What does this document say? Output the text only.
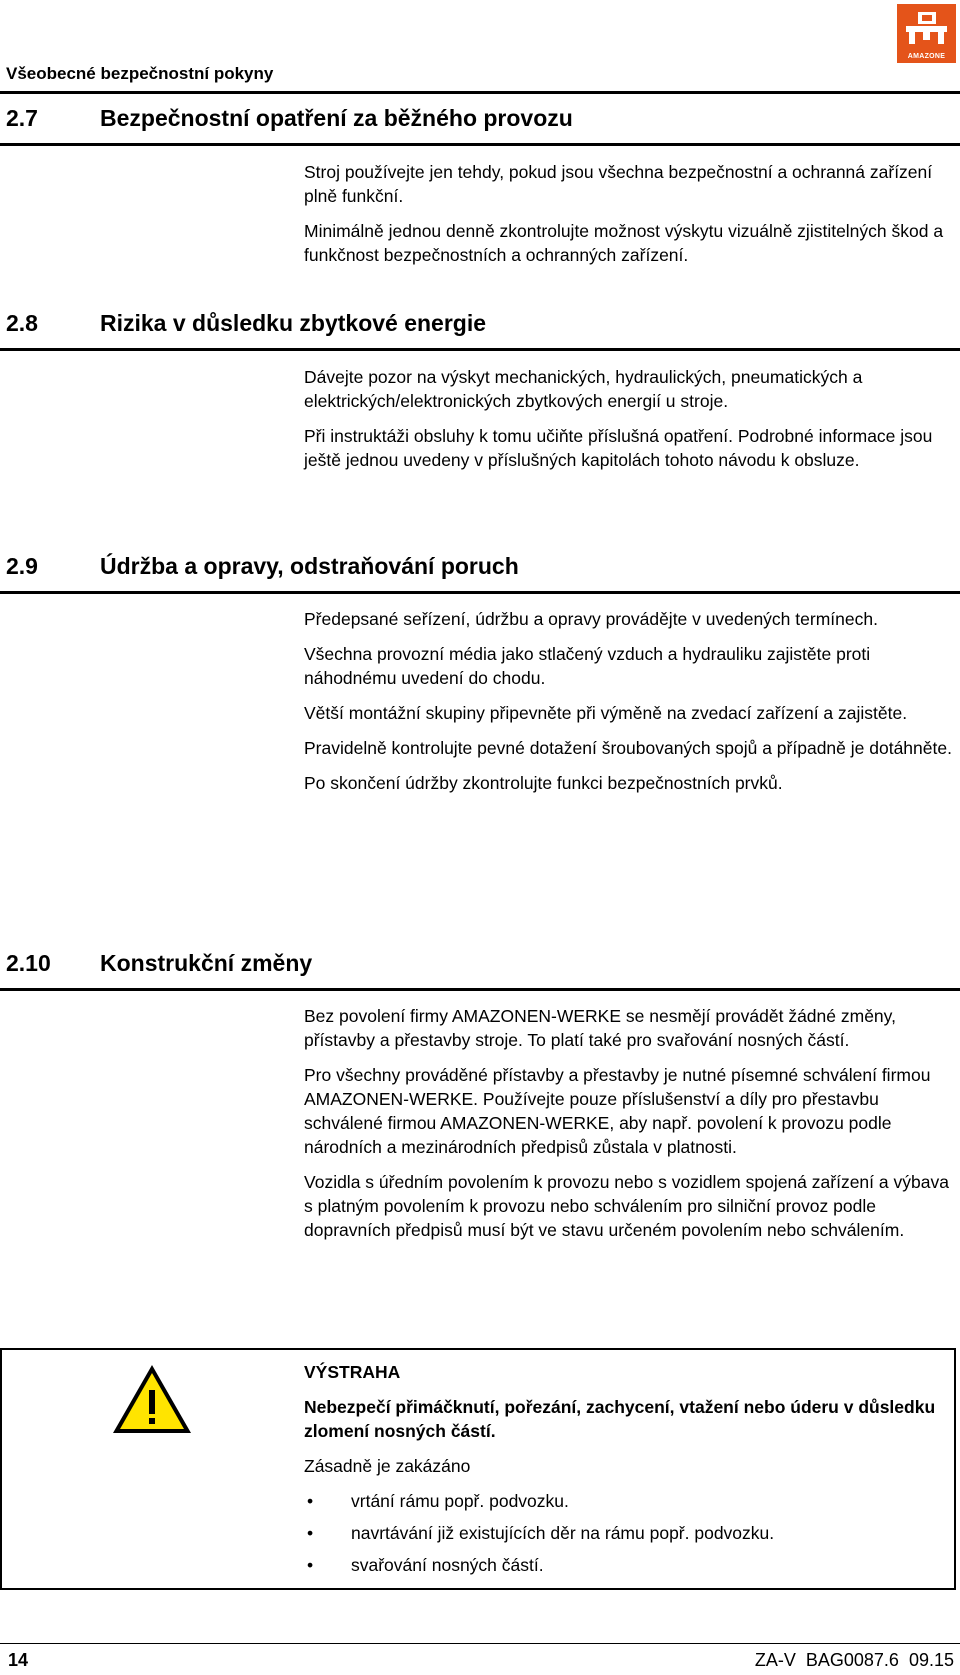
Všeobecné bezpečnostní pokyny
AMAZONE
2.7	Bezpečnostní opatření za běžného provozu

Stroj používejte jen tehdy, pokud jsou všechna bezpečnostní a ochranná zařízení plně funkční.

Minimálně jednou denně zkontrolujte možnost výskytu vizuálně zjistitelných škod a funkčnost bezpečnostních a ochranných zařízení.

2.8	Rizika v důsledku zbytkové energie

Dávejte pozor na výskyt mechanických, hydraulických, pneumatických a elektrických/elektronických zbytkových energií u stroje.

Při instruktáži obsluhy k tomu učiňte příslušná opatření. Podrobné informace jsou ještě jednou uvedeny v příslušných kapitolách tohoto návodu k obsluze.

2.9	Údržba a opravy, odstraňování poruch

Předepsané seřízení, údržbu a opravy provádějte v uvedených termínech.

Všechna provozní média jako stlačený vzduch a hydrauliku zajistěte proti náhodnému uvedení do chodu.

Větší montážní skupiny připevněte při výměně na zvedací zařízení a zajistěte.

Pravidelně kontrolujte pevné dotažení šroubovaných spojů a případně je dotáhněte.

Po skončení údržby zkontrolujte funkci bezpečnostních prvků.

2.10 Konstrukční změny

Bez povolení firmy AMAZONEN-WERKE se nesmějí provádět žádné změny, přístavby a přestavby stroje. To platí také pro svařování nosných částí.

Pro všechny prováděné přístavby a přestavby je nutné písemné schválení firmou AMAZONEN-WERKE. Používejte pouze příslušenství a díly pro přestavbu schválené firmou AMAZONEN-WERKE, aby např. povolení k provozu podle národních a mezinárodních předpisů zůstala v platnosti.

Vozidla s úředním povolením k provozu nebo s vozidlem spojená zařízení a výbava s platným povolením k provozu nebo schválením pro silniční provoz podle dopravních předpisů musí být ve stavu určeném povolením nebo schválením.

VÝSTRAHA

Nebezpečí přimáčknutí, pořezání, zachycení, vtažení nebo úderu v důsledku zlomení nosných částí.

Zásadně je zakázáno

• vrtání rámu popř. podvozku.
• navrtávání již existujících děr na rámu popř. podvozku.
• svařování nosných částí.
14	ZA-V  BAG0087.6  09.15
